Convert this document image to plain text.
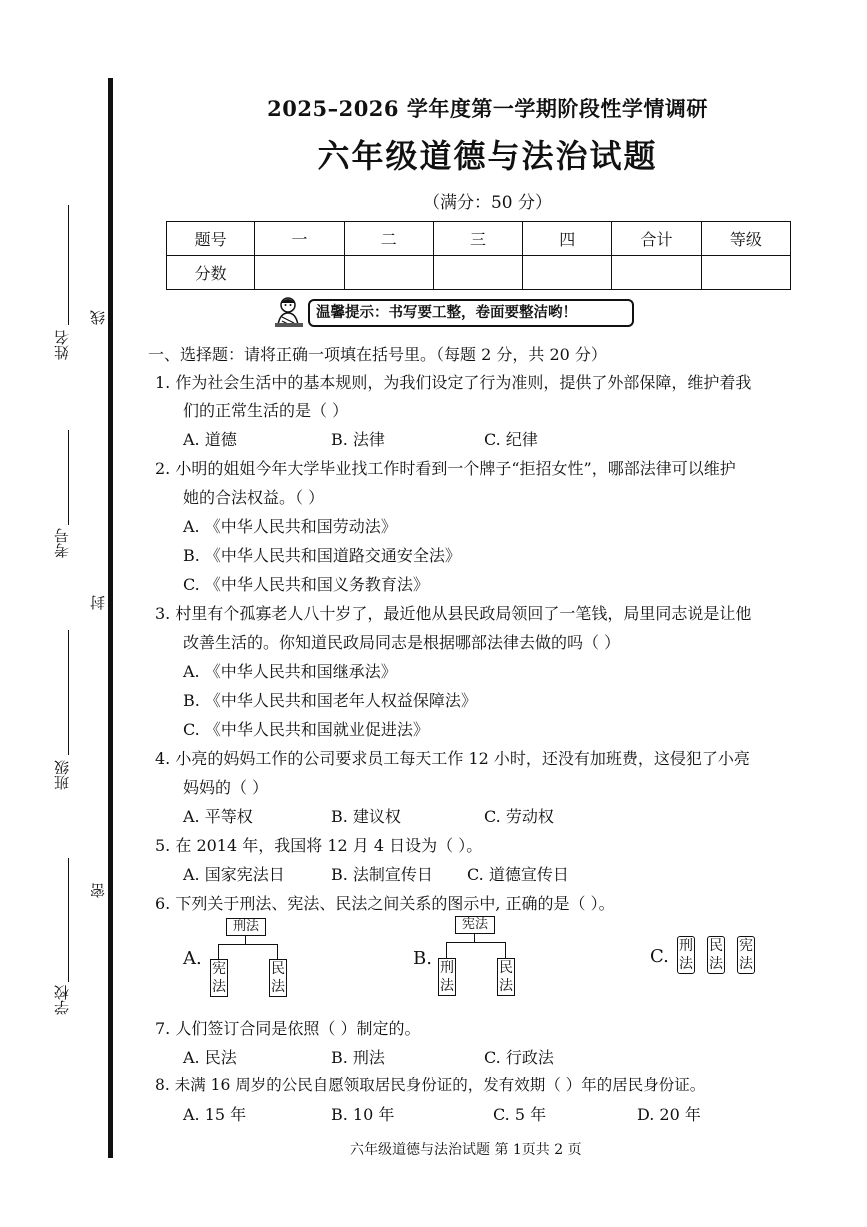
姓名
考号
班级
学校
线
封
密
2025–2026 学年度第一学期阶段性学情调研
六年级道德与法治试题
（满分：50 分）
题号	一	二	三	四	合计	等级
分数						
温馨提示：书写要工整，卷面要整洁哟！
一、选择题：请将正确一项填在括号里。（每题 2 分，共 20 分）
1. 作为社会生活中的基本规则，为我们设定了行为准则，提供了外部保障，维护着我
们的正常生活的是（ ）
A. 道德	B. 法律	C. 纪律
2. 小明的姐姐今年大学毕业找工作时看到一个牌子“拒招女性”，哪部法律可以维护
她的合法权益。（ ）
A. 《中华人民共和国劳动法》
B. 《中华人民共和国道路交通安全法》
C. 《中华人民共和国义务教育法》
3. 村里有个孤寡老人八十岁了，最近他从县民政局领回了一笔钱，局里同志说是让他
改善生活的。你知道民政局同志是根据哪部法律去做的吗（ ）
A. 《中华人民共和国继承法》
B. 《中华人民共和国老年人权益保障法》
C. 《中华人民共和国就业促进法》
4. 小亮的妈妈工作的公司要求员工每天工作 12 小时，还没有加班费，这侵犯了小亮
妈妈的（ ）
A. 平等权	B. 建议权	C. 劳动权
5. 在 2014 年，我国将 12 月 4 日设为（ ）。
A. 国家宪法日	B. 法制宣传日 C. 道德宣传日
6. 下列关于刑法、宪法、民法之间关系的图示中, 正确的是（ ）。
A.
刑法
宪
法
民
法
B.
宪法
刑
法
民
法
C. 刑
法
民
法
宪
法
7. 人们签订合同是依照（ ）制定的。
A. 民法	B. 刑法	C. 行政法
8. 未满 16 周岁的公民自愿领取居民身份证的，发有效期（ ）年的居民身份证。
A. 15 年	B. 10 年	C. 5 年	D. 20 年
六年级道德与法治试题 第 1页共 2 页
